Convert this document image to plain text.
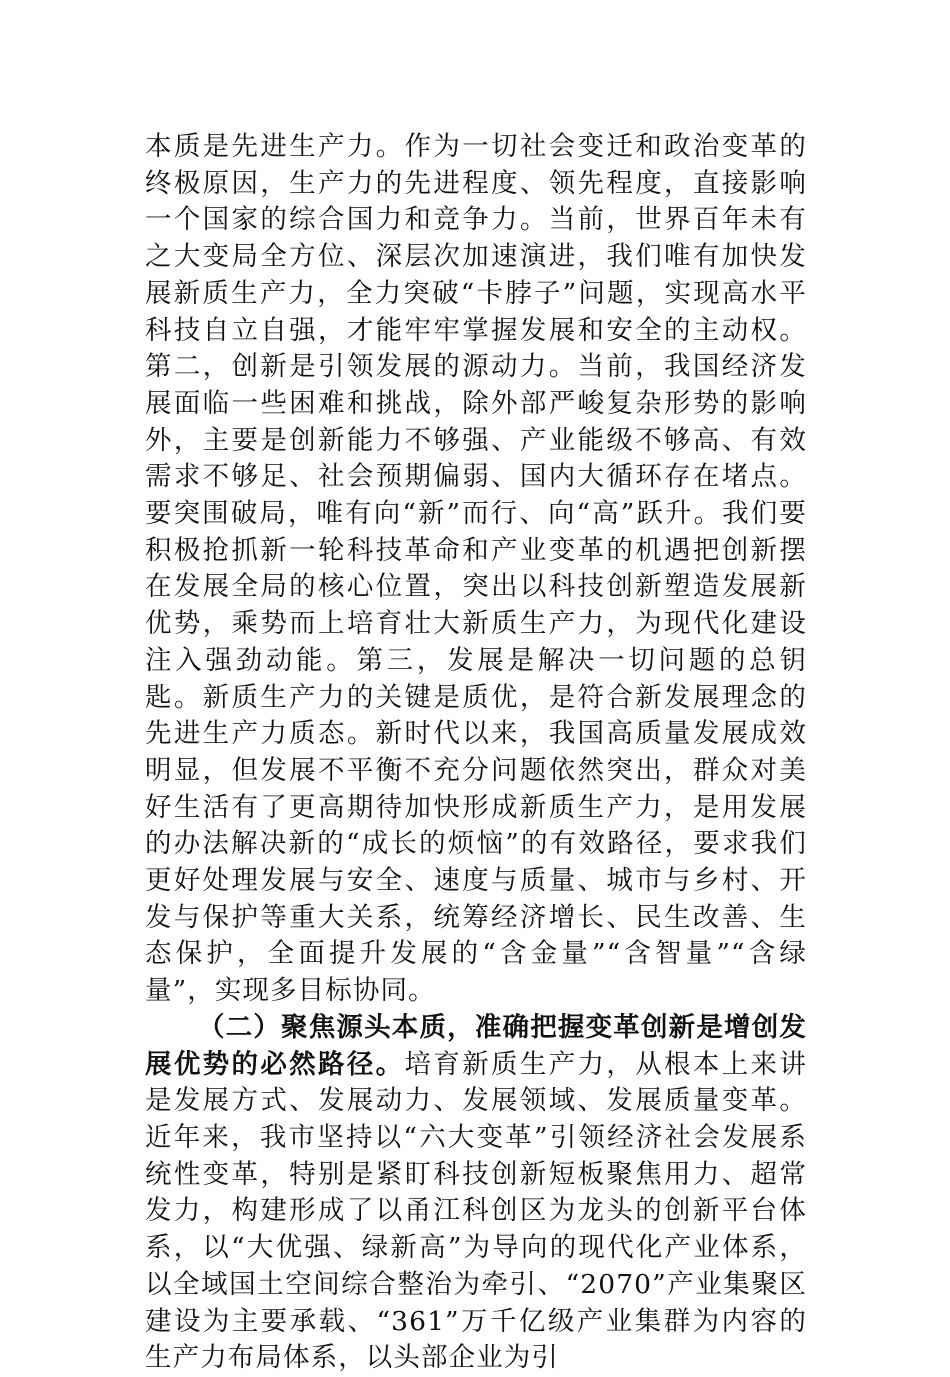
本质是先进生产力。作为一切社会变迁和政治变革的终极原因，生产力的先进程度、领先程度，直接影响一个国家的综合国力和竞争力。当前，世界百年未有之大变局全方位、深层次加速演进，我们唯有加快发展新质生产力，全力突破“卡脖子”问题，实现高水平科技自立自强，才能牢牢掌握发展和安全的主动权。第二，创新是引领发展的源动力。当前，我国经济发展面临一些困难和挑战，除外部严峻复杂形势的影响外，主要是创新能力不够强、产业能级不够高、有效需求不够足、社会预期偏弱、国内大循环存在堵点。要突围破局，唯有向“新”而行、向“高”跃升。我们要积极抢抓新一轮科技革命和产业变革的机遇把创新摆在发展全局的核心位置，突出以科技创新塑造发展新优势，乘势而上培育壮大新质生产力，为现代化建设注入强劲动能。第三，发展是解决一切问题的总钥匙。新质生产力的关键是质优，是符合新发展理念的先进生产力质态。新时代以来，我国高质量发展成效明显，但发展不平衡不充分问题依然突出，群众对美好生活有了更高期待加快形成新质生产力，是用发展的办法解决新的“成长的烦恼”的有效路径，要求我们更好处理发展与安全、速度与质量、城市与乡村、开发与保护等重大关系，统筹经济增长、民生改善、生态保护，全面提升发展的“含金量”“含智量”“含绿量”，实现多目标协同。

（二）聚焦源头本质，准确把握变革创新是增创发展优势的必然路径。培育新质生产力，从根本上来讲是发展方式、发展动力、发展领域、发展质量变革。近年来，我市坚持以“六大变革”引领经济社会发展系统性变革，特别是紧盯科技创新短板聚焦用力、超常发力，构建形成了以甬江科创区为龙头的创新平台体系，以“大优强、绿新高”为导向的现代化产业体系，以全域国土空间综合整治为牵引、“2070”产业集聚区建设为主要承载、“361”万千亿级产业集群为内容的生产力布局体系，以头部企业为引
